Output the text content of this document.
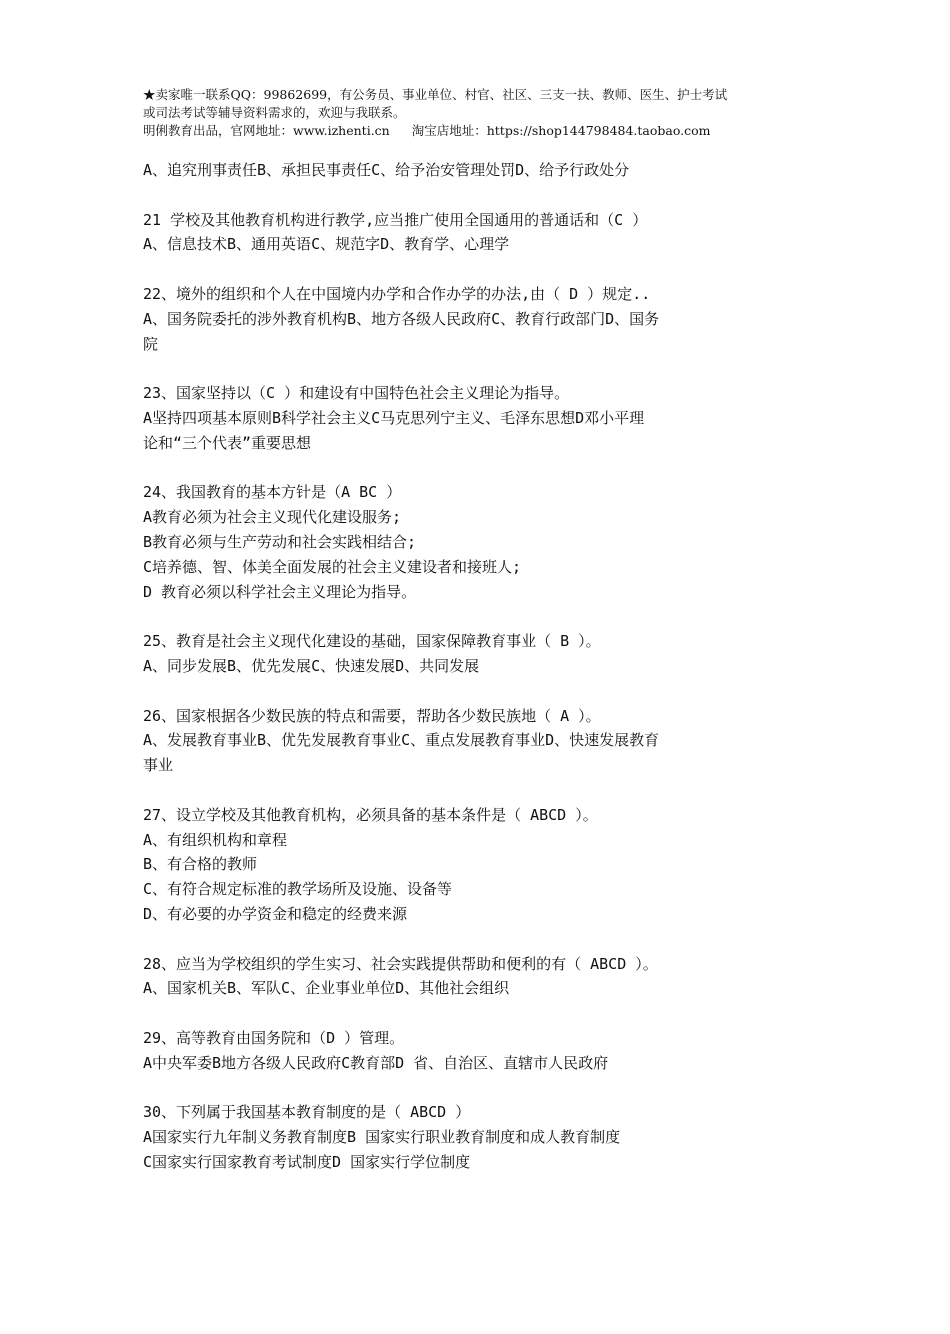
★卖家唯一联系QQ：99862699，有公务员、事业单位、村官、社区、三支一扶、教师、医生、护士考试
或司法考试等辅导资料需求的，欢迎与我联系。
明俐教育出品，官网地址：www.izhenti.cn 淘宝店地址：https://shop144798484.taobao.com
A、追究刑事责任B、承担民事责任C、给予治安管理处罚D、给予行政处分
21 学校及其他教育机构进行教学,应当推广使用全国通用的普通话和（C ）
A、信息技术B、通用英语C、规范字D、教育学、心理学
22、境外的组织和个人在中国境内办学和合作办学的办法,由（ D ）规定..
A、国务院委托的涉外教育机构B、地方各级人民政府C、教育行政部门D、国务
院
23、国家坚持以（C ）和建设有中国特色社会主义理论为指导。
A坚持四项基本原则B科学社会主义C马克思列宁主义、毛泽东思想D邓小平理
论和“三个代表”重要思想
24、我国教育的基本方针是（A BC ）
A教育必须为社会主义现代化建设服务;
B教育必须与生产劳动和社会实践相结合;
C培养德、智、体美全面发展的社会主义建设者和接班人;
D 教育必须以科学社会主义理论为指导。
25、教育是社会主义现代化建设的基础，国家保障教育事业（ B ）。
A、同步发展B、优先发展C、快速发展D、共同发展
26、国家根据各少数民族的特点和需要，帮助各少数民族地（ A ）。
A、发展教育事业B、优先发展教育事业C、重点发展教育事业D、快速发展教育
事业
27、设立学校及其他教育机构，必须具备的基本条件是（ ABCD ）。
A、有组织机构和章程
B、有合格的教师
C、有符合规定标准的教学场所及设施、设备等
D、有必要的办学资金和稳定的经费来源
28、应当为学校组织的学生实习、社会实践提供帮助和便利的有（ ABCD ）。
A、国家机关B、军队C、企业事业单位D、其他社会组织
29、高等教育由国务院和（D ）管理。
A中央军委B地方各级人民政府C教育部D 省、自治区、直辖市人民政府
30、下列属于我国基本教育制度的是（ ABCD ）
A国家实行九年制义务教育制度B 国家实行职业教育制度和成人教育制度
C国家实行国家教育考试制度D 国家实行学位制度
